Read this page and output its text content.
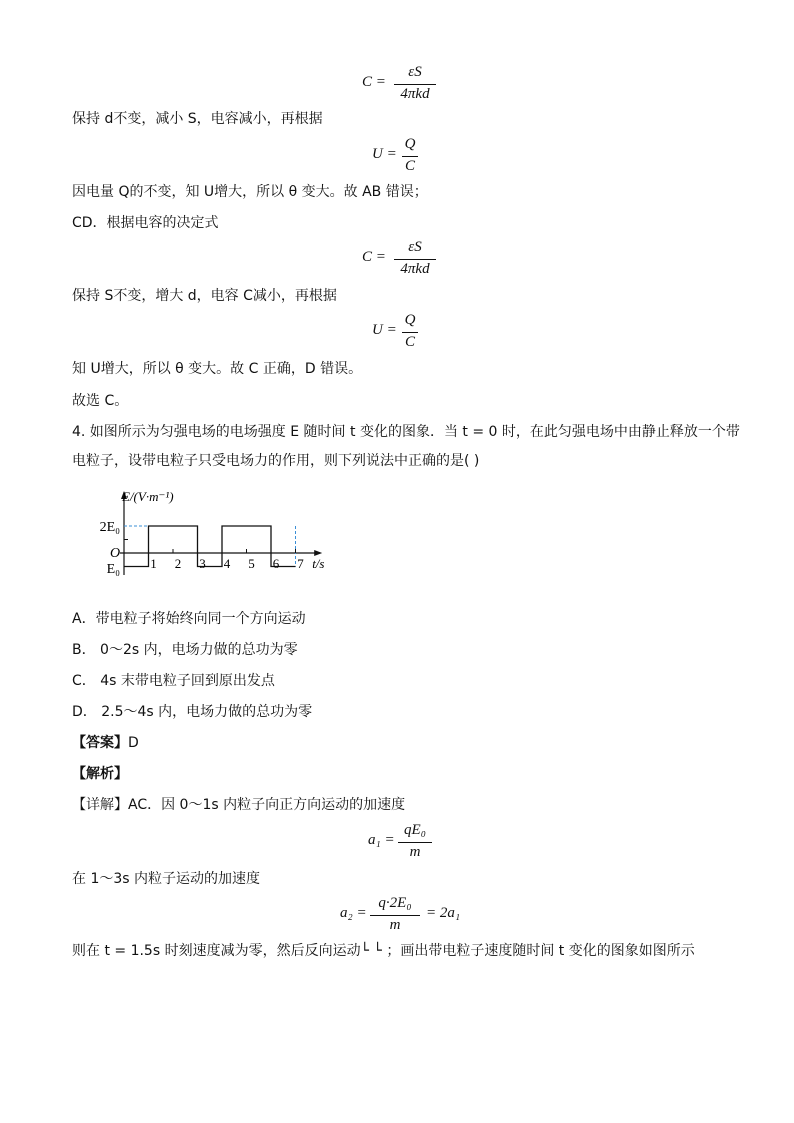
C =
εS
4πkd
保持 d不变，减小 S，电容减小，再根据
U =
Q
C
因电量 Q的不变，知 U增大，所以 θ 变大。故 AB 错误；
CD．根据电容的决定式
C =
εS
4πkd
保持 S不变，增大 d，电容 C减小，再根据
U =
Q
C
知 U增大，所以 θ 变大。故 C 正确，D 错误。
故选 C。
4. 如图所示为匀强电场的电场强度 E 随时间 t 变化的图象．当 t = 0 时，在此匀强电场中由静止释放一个带
电粒子，设带电粒子只受电场力的作用，则下列说法中正确的是( )
1 2 3 4 5 6 7
E/(V·m⁻¹)
t/s
O
2E₀
E₀
A．带电粒子将始终向同一个方向运动
B． 0～2s 内，电场力做的总功为零
C． 4s 末带电粒子回到原出发点
D． 2.5～4s 内，电场力做的总功为零
【答案】D
【解析】
【详解】AC．因 0～1s 内粒子向正方向运动的加速度
a₁ =
qE₀
m
在 1～3s 内粒子运动的加速度
a₂ =
q·2E₀
m
= 2a₁
则在 t = 1.5s 时刻速度减为零，然后反向运动└ └ ；画出带电粒子速度随时间 t 变化的图象如图所示
